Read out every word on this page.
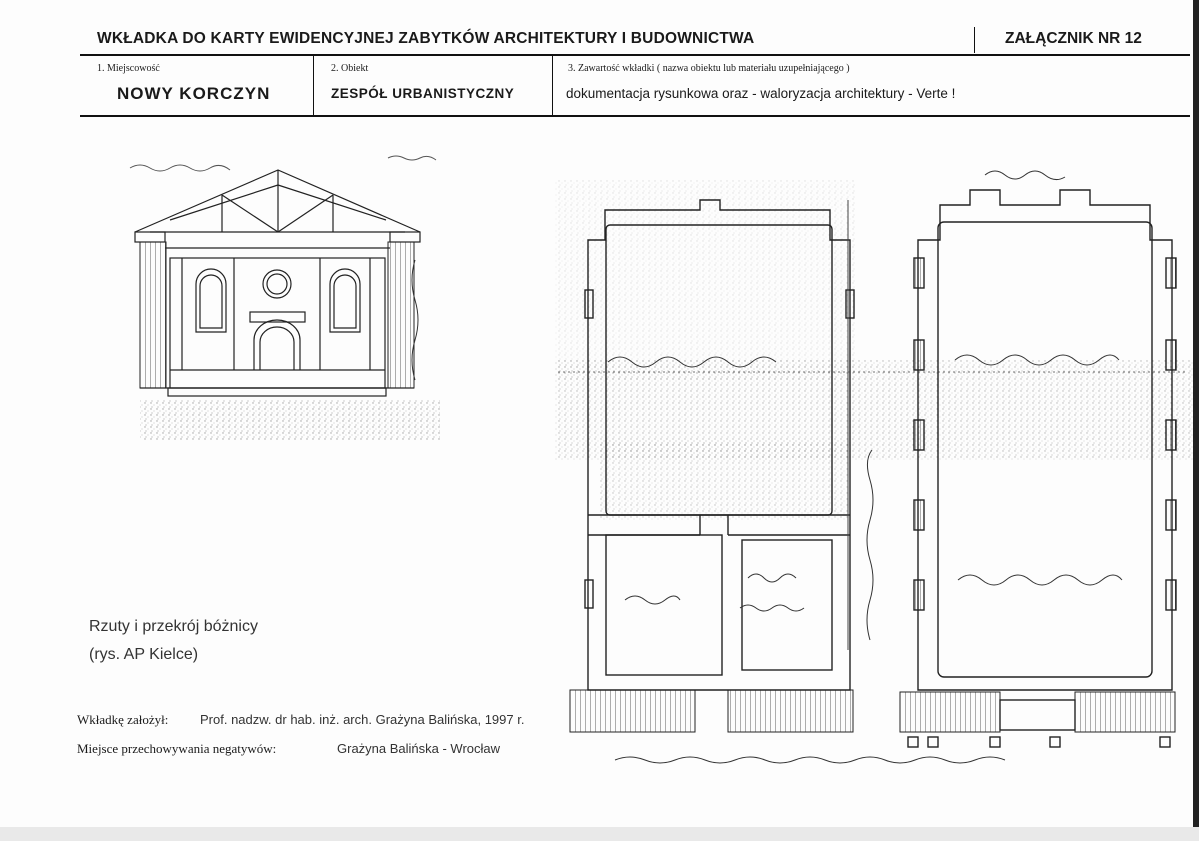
WKŁADKA DO KARTY EWIDENCYJNEJ ZABYTKÓW ARCHITEKTURY I BUDOWNICTWA	ZAŁĄCZNIK NR 12
1. Miejscowość
NOWY KORCZYN
2. Obiekt
ZESPÓŁ URBANISTYCZNY
3. Zawartość wkładki ( nazwa obiektu lub materiału uzupełniającego )
dokumentacja rysunkowa oraz - waloryzacja architektury - Verte !
Rzuty i przekrój bóżnicy
(rys. AP Kielce)
Wkładkę założył: Prof. nadzw. dr hab. inż. arch. Grażyna Balińska, 1997 r.
Miejsce przechowywania negatywów:	Grażyna Balińska - Wrocław
